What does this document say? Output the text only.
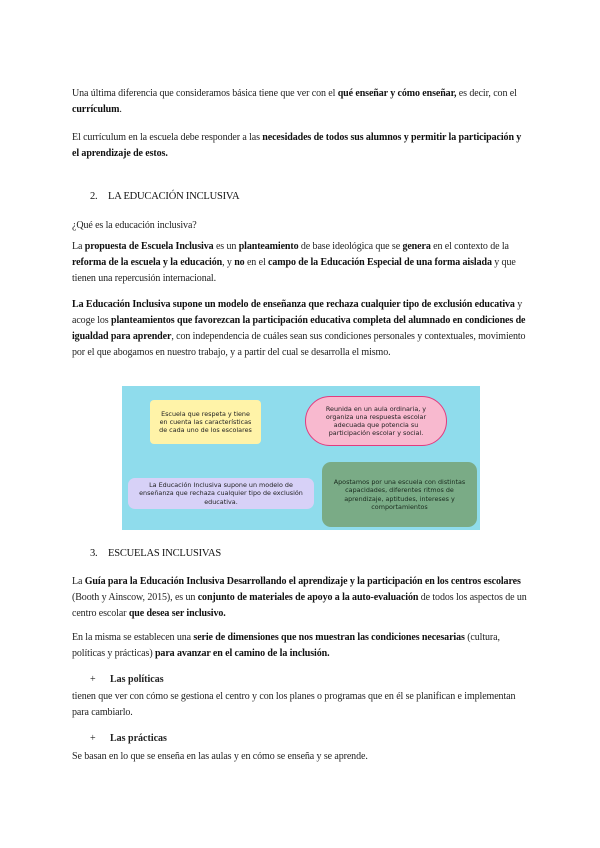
Una última diferencia que consideramos básica tiene que ver con el qué enseñar y cómo enseñar, es decir, con el currículum.

El currículum en la escuela debe responder a las necesidades de todos sus alumnos y permitir la participación y el aprendizaje de estos.

2. LA EDUCACIÓN INCLUSIVA

¿Qué es la educación inclusiva?

La propuesta de Escuela Inclusiva es un planteamiento de base ideológica que se genera en el contexto de la reforma de la escuela y la educación, y no en el campo de la Educación Especial de una forma aislada y que tienen una repercusión internacional.

La Educación Inclusiva supone un modelo de enseñanza que rechaza cualquier tipo de exclusión educativa y acoge los planteamientos que favorezcan la participación educativa completa del alumnado en condiciones de igualdad para aprender, con independencia de cuáles sean sus condiciones personales y contextuales, movimiento por el que abogamos en nuestro trabajo, y a partir del cual se desarrolla el mismo.

Escuela que respeta y tiene en cuenta las características de cada uno de los escolares
Reunida en un aula ordinaria, y organiza una respuesta escolar adecuada que potencia su participación escolar y social.
La Educación Inclusiva supone un modelo de enseñanza que rechaza cualquier tipo de exclusión educativa.
Apostamos por una escuela con distintas capacidades, diferentes ritmos de aprendizaje, aptitudes, intereses y comportamientos
3. ESCUELAS INCLUSIVAS

La Guía para la Educación Inclusiva Desarrollando el aprendizaje y la participación en los centros escolares (Booth y Ainscow, 2015), es un conjunto de materiales de apoyo a la auto-evaluación de todos los aspectos de un centro escolar que desea ser inclusivo.

En la misma se establecen una serie de dimensiones que nos muestran las condiciones necesarias (cultura, políticas y prácticas) para avanzar en el camino de la inclusión.

+ Las políticas

tienen que ver con cómo se gestiona el centro y con los planes o programas que en él se planifican e implementan para cambiarlo.

+ Las prácticas

Se basan en lo que se enseña en las aulas y en cómo se enseña y se aprende.
